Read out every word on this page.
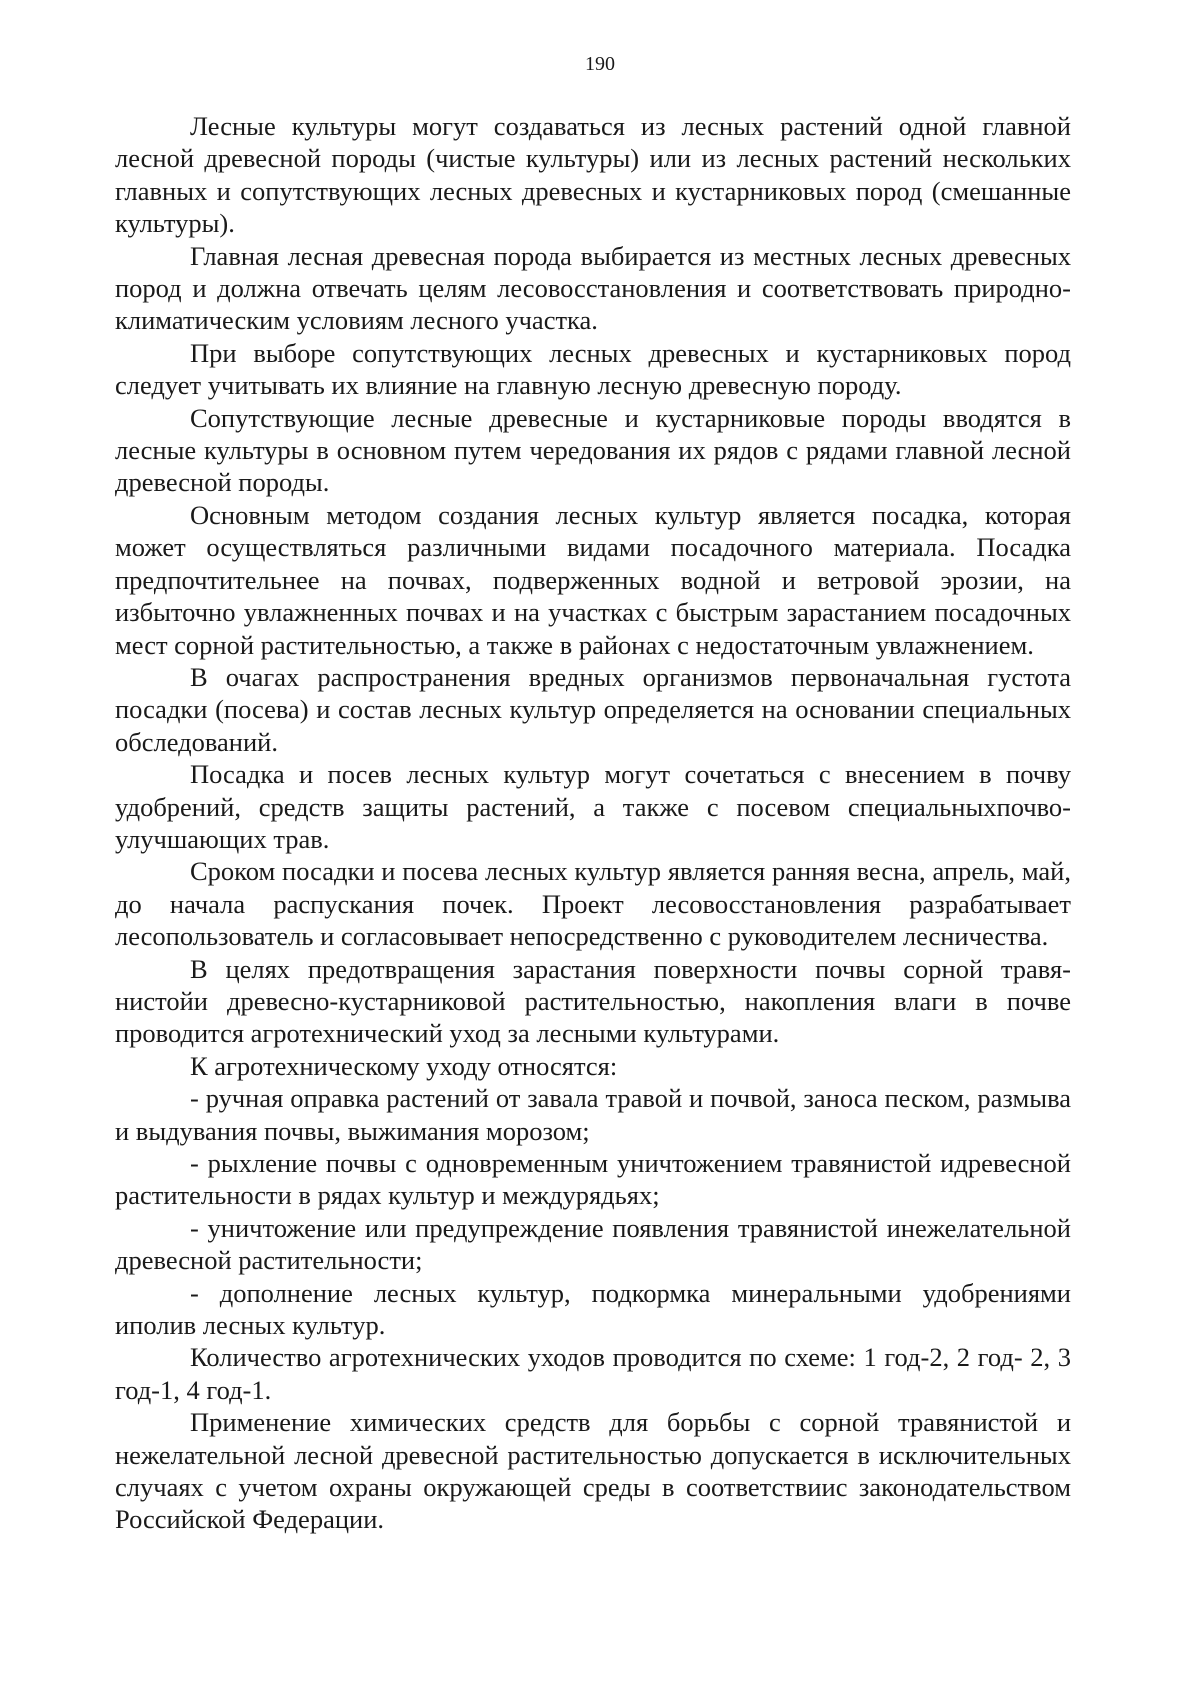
190

Лесные культуры могут создаваться из лесных растений одной главной лесной древесной породы (чистые культуры) или из лесных растений нескольких главных и сопутствующих лесных древесных и кустарниковых пород (смешанные культуры).

Главная лесная древесная порода выбирается из местных лесных древесных пород и должна отвечать целям лесовосстановления и соответствовать природно- климатическим условиям лесного участка.

При выборе сопутствующих лесных древесных и кустарниковых пород следует учитывать их влияние на главную лесную древесную породу.

Сопутствующие лесные древесные и кустарниковые породы вводятся в лесные культуры в основном путем чередования их рядов с рядами главной лесной древесной породы.

Основным методом создания лесных культур является посадка, которая может осуществляться различными видами посадочного материала. Посадка предпочтительнее на почвах, подверженных водной и ветровой эрозии, на избыточно увлажненных почвах и на участках с быстрым зарастанием посадочных мест сорной растительностью, а также в районах с недостаточным увлажнением.

В очагах распространения вредных организмов первоначальная густота посадки (посева) и состав лесных культур определяется на основании специальных обследований.

Посадка и посев лесных культур могут сочетаться с внесением в почву удобрений, средств защиты растений, а также с посевом специальныхпочвоулучшающих трав.

Сроком посадки и посева лесных культур является ранняя весна, апрель, май, до начала распускания почек. Проект лесовосстановления разрабатывает лесопользователь и согласовывает непосредственно с руководителем лесничества.

В целях предотвращения зарастания поверхности почвы сорной травянистойи древесно-кустарниковой растительностью, накопления влаги в почве проводится агротехнический уход за лесными культурами.

К агротехническому уходу относятся:

- ручная оправка растений от завала травой и почвой, заноса песком, размыва и выдувания почвы, выжимания морозом;

- рыхление почвы с одновременным уничтожением травянистой идревесной растительности в рядах культур и междурядьях;

- уничтожение или предупреждение появления травянистой инежелательной древесной растительности;

- дополнение лесных культур, подкормка минеральными удобрениями иполив лесных культур.

Количество агротехнических уходов проводится по схеме: 1 год-2, 2 год- 2, 3 год-1, 4 год-1.

Применение химических средств для борьбы с сорной травянистой и нежелательной лесной древесной растительностью допускается в исключительных случаях с учетом охраны окружающей среды в соответствиис законодательством Российской Федерации.
